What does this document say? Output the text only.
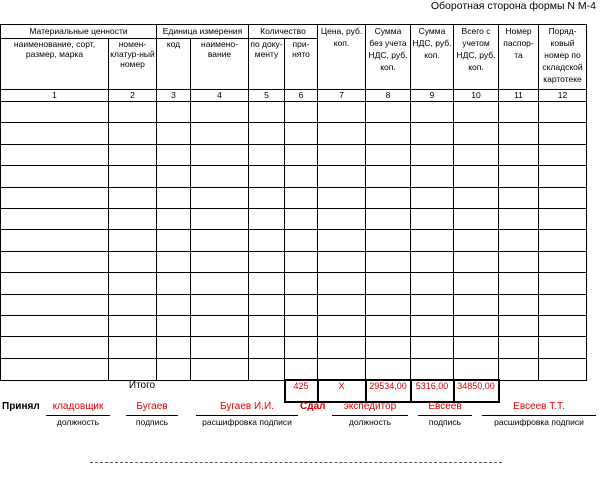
Оборотная сторона формы N М-4
Материальные ценности		Единица измерения		Количество		Цена, руб. коп.	Сумма без учета НДС, руб. коп.	Сумма НДС, руб. коп.	Всего с учетом НДС, руб. коп.	Номер паспор-та	Поряд-ковый номер по складской картотеке
наименование, сорт, размер, марка	номен-клатур-ный номер	код	наимено-вание	по доку-менту	при-нято						
1	2	3	4	5	6	7	8	9	10	11	12

Итого					425	Х	29534,00	5316,00	34850,00		
Принял	кладовщик	Бугаев	Бугаев И.И.
должность	подпись	расшифровка подписи
Сдал	экспедитор	Евсеев	Евсеев Т.Т.
должность	подпись	расшифровка подписи
